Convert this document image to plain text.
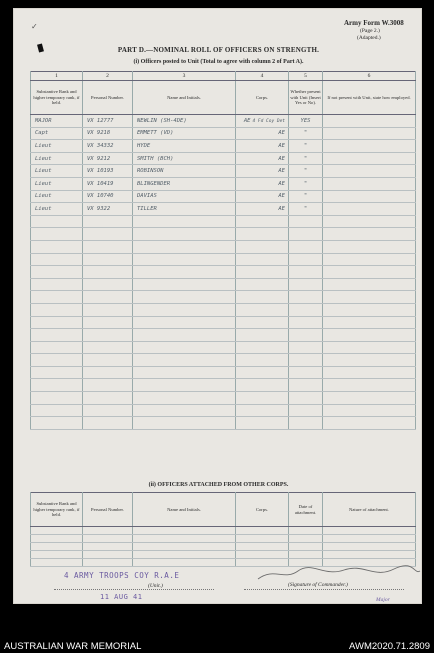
✓	Army Form W.3008
(Page 2.)
(Adapted.)
PART D.—NOMINAL ROLL OF OFFICERS ON STRENGTH.
(i) Officers posted to Unit (Total to agree with column 2 of Part A).
1	2	3	4	5	6
Substantive Rank and higher temporary rank, if held.	Personal Number.	Name and Initials.	Corps.	Whether present with Unit (Insert Yes or No).	If not present with Unit, state how employed.
MAJOR	VX 12777	NEWLIN (SH-4DE)	AE 4 Fd Coy Det	YES	
Capt	VX 9218	EMMETT (VD)	AE	"	
Lieut	VX 34332	HYDE	AE	"	
Lieut	VX 9212	SMITH (BCH)	AE	"	
Lieut	VX 10193	ROBINSON	AE	"	
Lieut	VX 10419	BLINGENDER	AE	"	
Lieut	VX 10740	DAVIAS	AE	"	
Lieut	VX 9322	TILLER	AE	"	

(ii) OFFICERS ATTACHED FROM OTHER CORPS.
Substantive Rank and higher temporary rank, if held.	Personal Number.	Name and Initials.	Corps.	Date of attachment.	Nature of attachment.

4 ARMY TROOPS COY R.A.E
(Unit.)
11 AUG 41
(Signature of Commander.)
Major
AUSTRALIAN WAR MEMORIAL	AWM2020.71.2809
